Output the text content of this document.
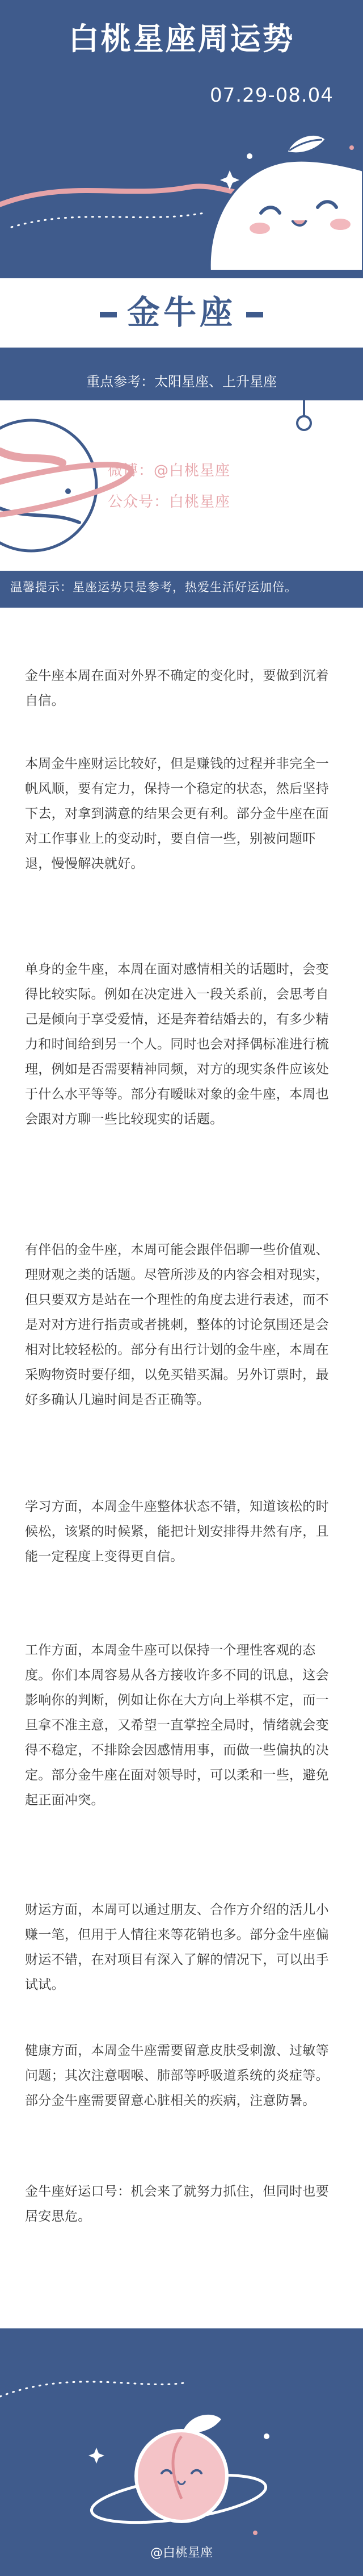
白桃星座周运势
07.29-08.04
金牛座
重点参考：太阳星座、上升星座
微博：@白桃星座
公众号：白桃星座
温馨提示：星座运势只是参考，热爱生活好运加倍。

金牛座本周在面对外界不确定的变化时，要做到沉着自信。

本周金牛座财运比较好，但是赚钱的过程并非完全一帆风顺，要有定力，保持一个稳定的状态，然后坚持下去，对拿到满意的结果会更有利。部分金牛座在面对工作事业上的变动时，要自信一些，别被问题吓退，慢慢解决就好。

单身的金牛座，本周在面对感情相关的话题时，会变得比较实际。例如在决定进入一段关系前，会思考自己是倾向于享受爱情，还是奔着结婚去的，有多少精力和时间给到另一个人。同时也会对择偶标准进行梳理，例如是否需要精神同频，对方的现实条件应该处于什么水平等等。部分有暧昧对象的金牛座，本周也会跟对方聊一些比较现实的话题。

有伴侣的金牛座，本周可能会跟伴侣聊一些价值观、理财观之类的话题。尽管所涉及的内容会相对现实，但只要双方是站在一个理性的角度去进行表述，而不是对对方进行指责或者挑刺，整体的讨论氛围还是会相对比较轻松的。部分有出行计划的金牛座，本周在采购物资时要仔细，以免买错买漏。另外订票时，最好多确认几遍时间是否正确等。

学习方面，本周金牛座整体状态不错，知道该松的时候松，该紧的时候紧，能把计划安排得井然有序，且能一定程度上变得更自信。

工作方面，本周金牛座可以保持一个理性客观的态度。你们本周容易从各方接收许多不同的讯息，这会影响你的判断，例如让你在大方向上举棋不定，而一旦拿不准主意，又希望一直掌控全局时，情绪就会变得不稳定，不排除会因感情用事，而做一些偏执的决定。部分金牛座在面对领导时，可以柔和一些，避免起正面冲突。

财运方面，本周可以通过朋友、合作方介绍的活儿小赚一笔，但用于人情往来等花销也多。部分金牛座偏财运不错，在对项目有深入了解的情况下，可以出手试试。

健康方面，本周金牛座需要留意皮肤受刺激、过敏等问题；其次注意咽喉、肺部等呼吸道系统的炎症等。部分金牛座需要留意心脏相关的疾病，注意防暑。

金牛座好运口号：机会来了就努力抓住，但同时也要居安思危。

@白桃星座
